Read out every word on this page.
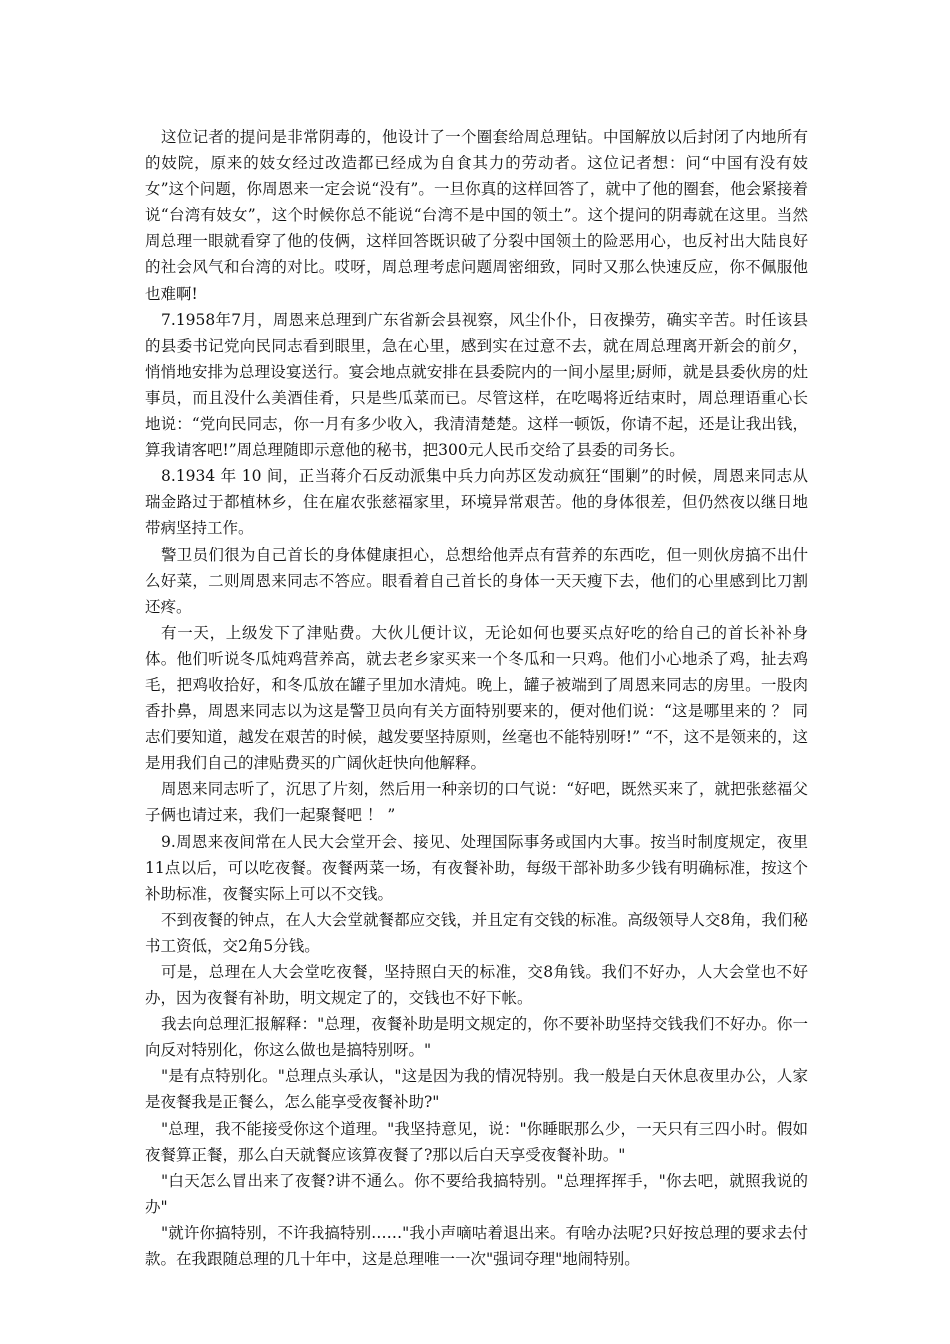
这位记者的提问是非常阴毒的，他设计了一个圈套给周总理钻。中国解放以后封闭了内地所有的妓院，原来的妓女经过改造都已经成为自食其力的劳动者。这位记者想：问“中国有没有妓女”这个问题，你周恩来一定会说“没有”。一旦你真的这样回答了，就中了他的圈套，他会紧接着说“台湾有妓女”，这个时候你总不能说“台湾不是中国的领土”。这个提问的阴毒就在这里。当然周总理一眼就看穿了他的伎俩，这样回答既识破了分裂中国领土的险恶用心，也反衬出大陆良好的社会风气和台湾的对比。哎呀，周总理考虑问题周密细致，同时又那么快速反应，你不佩服他也难啊!

7.1958年7月，周恩来总理到广东省新会县视察，风尘仆仆，日夜操劳，确实辛苦。时任该县的县委书记党向民同志看到眼里，急在心里，感到实在过意不去，就在周总理离开新会的前夕，悄悄地安排为总理设宴送行。宴会地点就安排在县委院内的一间小屋里;厨师，就是县委伙房的灶事员，而且没什么美酒佳肴，只是些瓜菜而已。尽管这样，在吃喝将近结束时，周总理语重心长地说：“党向民同志，你一月有多少收入，我清清楚楚。这样一顿饭，你请不起，还是让我出钱，算我请客吧!”周总理随即示意他的秘书，把300元人民币交给了县委的司务长。

8.1934 年 10 间，正当蒋介石反动派集中兵力向苏区发动疯狂“围剿”的时候，周恩来同志从瑞金路过于都植林乡，住在雇农张慈福家里，环境异常艰苦。他的身体很差，但仍然夜以继日地带病坚持工作。

警卫员们很为自己首长的身体健康担心，总想给他弄点有营养的东西吃，但一则伙房搞不出什么好菜，二则周恩来同志不答应。眼看着自己首长的身体一天天瘦下去，他们的心里感到比刀割还疼。

有一天，上级发下了津贴费。大伙儿便计议，无论如何也要买点好吃的给自己的首长补补身体。他们听说冬瓜炖鸡营养高，就去老乡家买来一个冬瓜和一只鸡。他们小心地杀了鸡，扯去鸡毛，把鸡收拾好，和冬瓜放在罐子里加水清炖。晚上，罐子被端到了周恩来同志的房里。一股肉香扑鼻，周恩来同志以为这是警卫员向有关方面特别要来的，便对他们说：“这是哪里来的 ？ 同志们要知道，越发在艰苦的时候，越发要坚持原则，丝毫也不能特别呀!” “不，这不是领来的，这是用我们自己的津贴费买的广阔伙赶快向他解释。

周恩来同志听了，沉思了片刻，然后用一种亲切的口气说：“好吧，既然买来了，就把张慈福父子俩也请过来，我们一起聚餐吧 ！ ”

9.周恩来夜间常在人民大会堂开会、接见、处理国际事务或国内大事。按当时制度规定，夜里11点以后，可以吃夜餐。夜餐两菜一场，有夜餐补助，每级干部补助多少钱有明确标准，按这个补助标准，夜餐实际上可以不交钱。

不到夜餐的钟点，在人大会堂就餐都应交钱，并且定有交钱的标准。高级领导人交8角，我们秘书工资低，交2角5分钱。

可是，总理在人大会堂吃夜餐，坚持照白天的标准，交8角钱。我们不好办，人大会堂也不好办，因为夜餐有补助，明文规定了的，交钱也不好下帐。

我去向总理汇报解释："总理，夜餐补助是明文规定的，你不要补助坚持交钱我们不好办。你一向反对特别化，你这么做也是搞特别呀。"

"是有点特别化。"总理点头承认，"这是因为我的情况特别。我一般是白天休息夜里办公，人家是夜餐我是正餐么，怎么能享受夜餐补助?"

"总理，我不能接受你这个道理。"我坚持意见，说："你睡眠那么少，一天只有三四小时。假如夜餐算正餐，那么白天就餐应该算夜餐了?那以后白天享受夜餐补助。"

"白天怎么冒出来了夜餐?讲不通么。你不要给我搞特别。"总理挥挥手，"你去吧，就照我说的办"

"就许你搞特别，不许我搞特别……"我小声嘀咕着退出来。有啥办法呢?只好按总理的要求去付款。在我跟随总理的几十年中，这是总理唯一一次"强词夺理"地闹特别。
